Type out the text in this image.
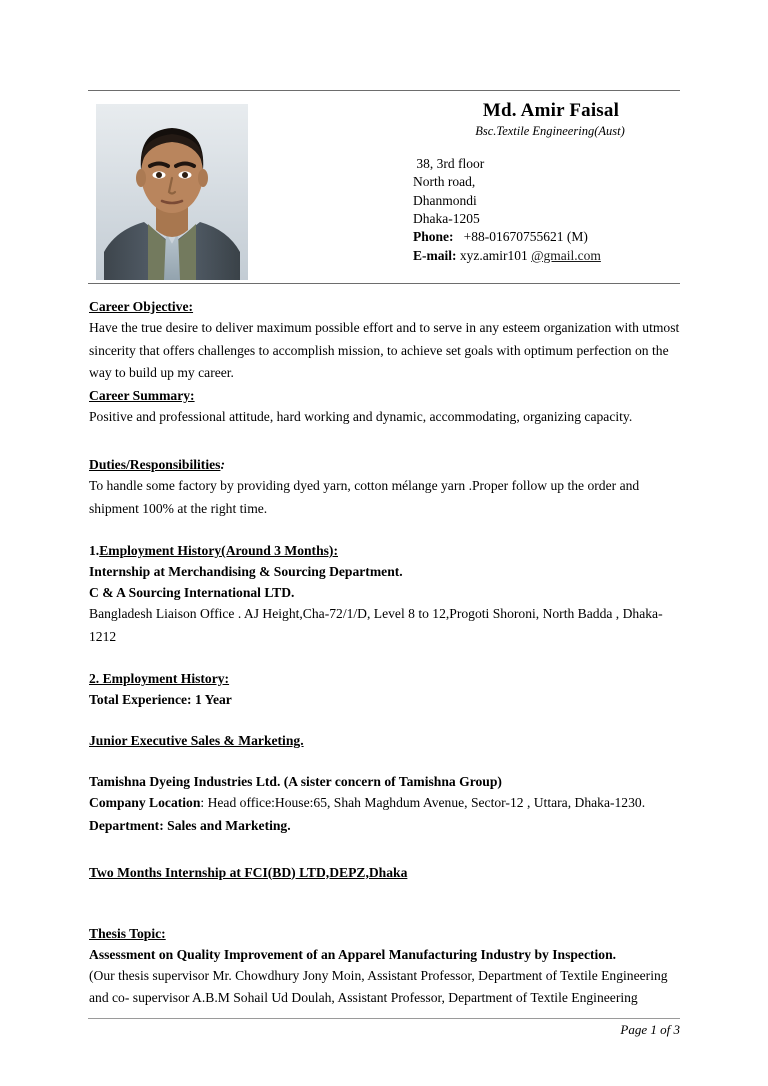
Md. Amir Faisal
Bsc.Textile Engineering(Aust)
38, 3rd floor
North road,
Dhanmondi
Dhaka-1205
Phone:   +88-01670755621 (M)
E-mail: xyz.amir101 @gmail.com
Career Objective:

Have the true desire to deliver maximum possible effort and to serve in any esteem organization with utmost sincerity that offers challenges to accomplish mission, to achieve set goals with optimum perfection on the way to build up my career.

Career Summary:

Positive and professional attitude, hard working and dynamic, accommodating, organizing capacity.

Duties/Responsibilities:

To handle some factory by providing dyed yarn, cotton mélange yarn .Proper follow up the order and shipment 100% at the right time.

1.Employment History(Around 3 Months):
Internship at Merchandising & Sourcing Department.
C & A Sourcing International LTD.

Bangladesh Liaison Office . AJ Height,Cha-72/1/D, Level 8 to 12,Progoti Shoroni, North Badda , Dhaka-1212

2. Employment History:
Total Experience: 1 Year
Junior Executive Sales & Marketing.
Tamishna Dyeing Industries Ltd. (A sister concern of Tamishna Group)

Company Location: Head office:House:65, Shah Maghdum Avenue, Sector-12 , Uttara, Dhaka-1230.

Department: Sales and Marketing.
Two Months Internship at FCI(BD) LTD,DEPZ,Dhaka
Thesis Topic:
Assessment on Quality Improvement of an Apparel Manufacturing Industry by Inspection.

(Our thesis supervisor Mr. Chowdhury Jony Moin, Assistant Professor, Department of Textile Engineering and co- supervisor A.B.M Sohail Ud Doulah, Assistant Professor, Department of Textile Engineering

Page 1 of 3
